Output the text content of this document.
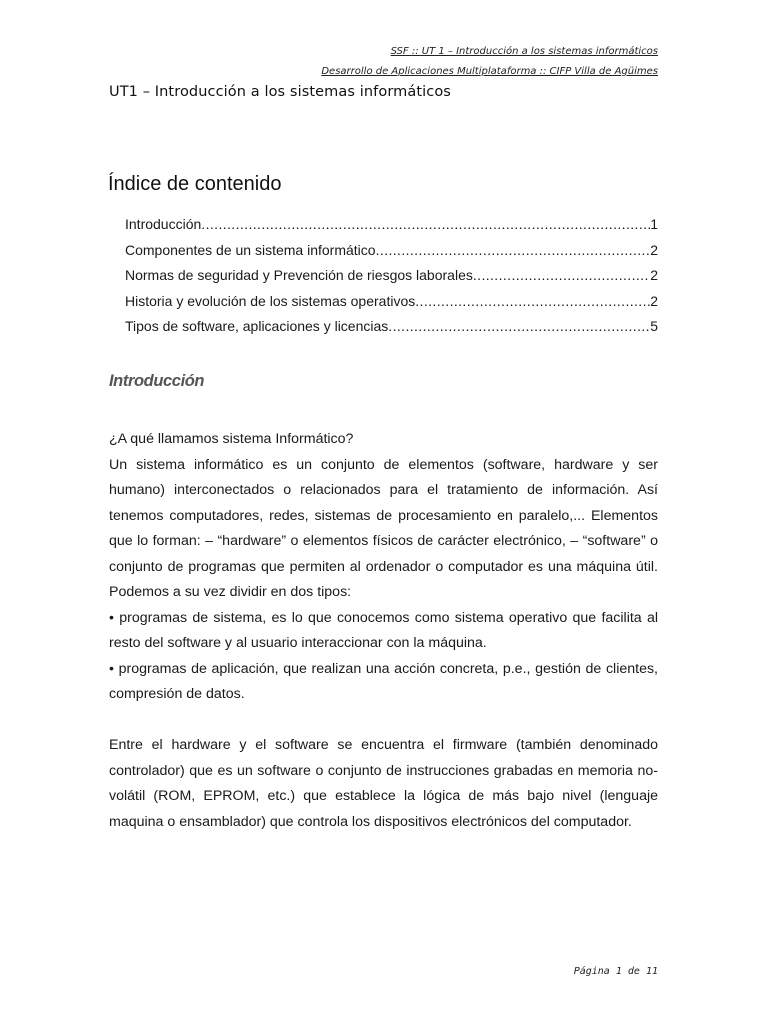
SSF :: UT 1 – Introducción a los sistemas informáticos
Desarrollo de Aplicaciones Multiplataforma :: CIFP Villa de Agüimes
UT1 – Introducción a los sistemas informáticos
Índice de contenido
Introducción .....	1
Componentes de un sistema informático .....	2
Normas de seguridad y Prevención de riesgos laborales .....	2
Historia y evolución de los sistemas operativos .....	2
Tipos de software, aplicaciones y licencias .....	5
Introducción

¿A qué llamamos sistema Informático?

Un sistema informático es un conjunto de elementos (software, hardware y ser humano) interconectados o relacionados para el tratamiento de información. Así tenemos computadores, redes, sistemas de procesamiento en paralelo,... Elementos que lo forman: – “hardware” o elementos físicos de carácter electrónico, – “software” o conjunto de programas que permiten al ordenador o computador es una máquina útil. Podemos a su vez dividir en dos tipos:

• programas de sistema, es lo que conocemos como sistema operativo que facilita al resto del software y al usuario interaccionar con la máquina.

• programas de aplicación, que realizan una acción concreta, p.e., gestión de clientes, compresión de datos.

Entre el hardware y el software se encuentra el firmware (también denominado controlador) que es un software o conjunto de instrucciones grabadas en memoria no-volátil (ROM, EPROM, etc.) que establece la lógica de más bajo nivel (lenguaje maquina o ensamblador) que controla los dispositivos electrónicos del computador.

Página 1 de 11
